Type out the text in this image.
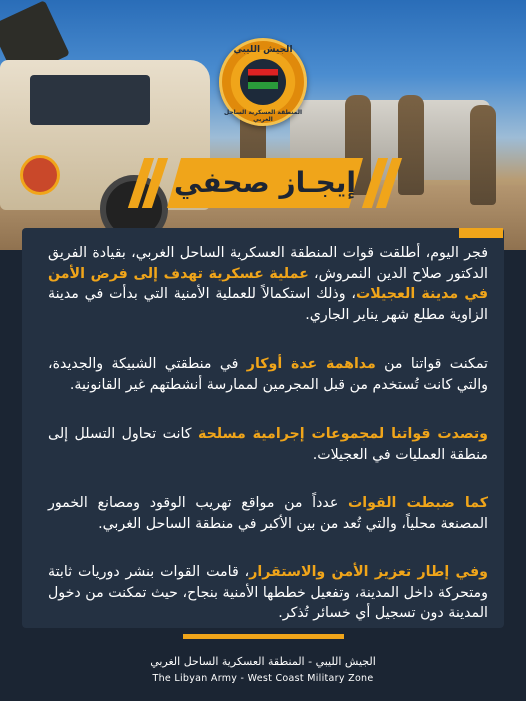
الجيش الليبي
المنطقة العسكرية الساحل الغربي
إيجـاز صحفي
فجر اليوم، أطلقت قوات المنطقة العسكرية الساحل الغربي، بقيادة الفريق الدكتور صلاح الدين النمروش، عملية عسكرية تهدف إلى فرض الأمن في مدينة العجيلات، وذلك استكمالاً للعملية الأمنية التي بدأت في مدينة الزاوية مطلع شهر يناير الجاري.
تمكنت قواتنا من مداهمة عدة أوكار في منطقتي الشبيكة والجديدة، والتي كانت تُستخدم من قبل المجرمين لممارسة أنشطتهم غير القانونية.
وتصدت قواتنا لمجموعات إجرامية مسلحة كانت تحاول التسلل إلى منطقة العمليات في العجيلات.
كما ضبطت القوات عدداً من مواقع تهريب الوقود ومصانع الخمور المصنعة محلياً، والتي تُعد من بين الأكبر في منطقة الساحل الغربي.
وفي إطار تعزيز الأمن والاستقرار، قامت القوات بنشر دوريات ثابتة ومتحركة داخل المدينة، وتفعيل خططها الأمنية بنجاح، حيث تمكنت من دخول المدينة دون تسجيل أي خسائر تُذكر.
الجيش الليبي - المنطقة العسكرية الساحل الغربي
The Libyan Army - West Coast Military Zone
